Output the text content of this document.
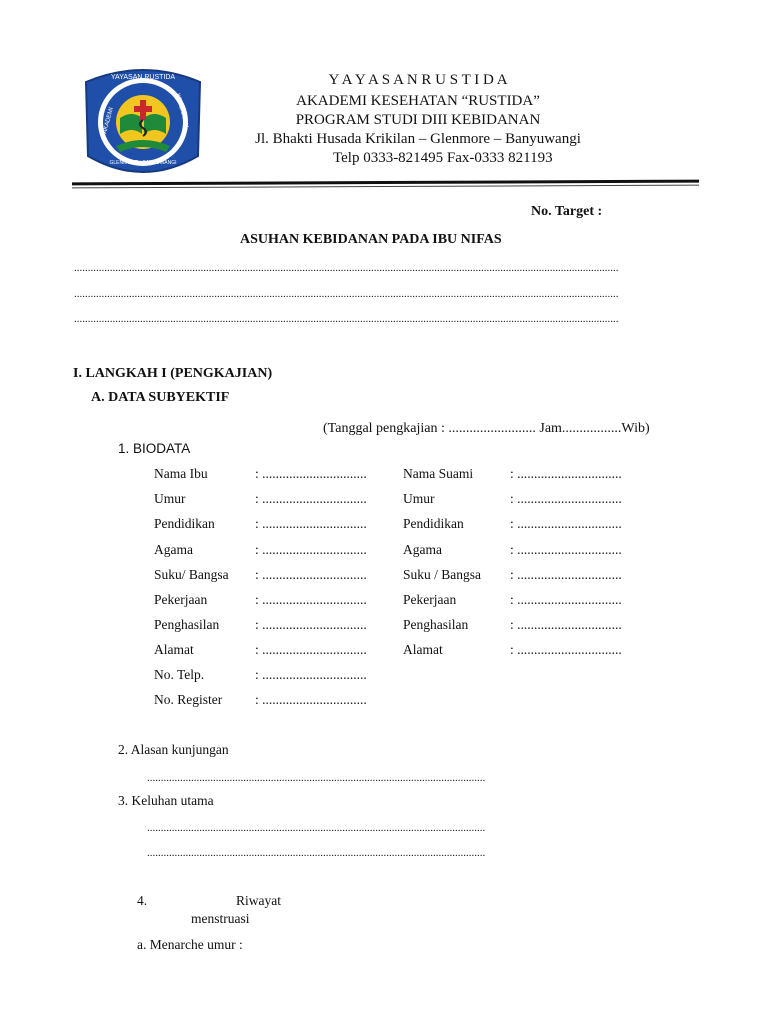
YAYASAN RUSTIDA
AKADEMI	KESEHATAN
GLENMORE - BANYUWANGI
Y A Y A S A N R U S T I D A
AKADEMI KESEHATAN “RUSTIDA”
PROGRAM STUDI DIII KEBIDANAN
Jl. Bhakti Husada Krikilan – Glenmore – Banyuwangi
Telp 0333-821495 Fax-0333 821193
No. Target :
ASUHAN KEBIDANAN PADA IBU NIFAS
......................................................................................................................................................................................................
......................................................................................................................................................................................................
......................................................................................................................................................................................................
I. LANGKAH I (PENGKAJIAN)
A. DATA SUBYEKTIF
(Tanggal pengkajian : ......................... Jam.................Wib)
1. BIODATA
Nama Ibu
Umur
Pendidikan
Agama
Suku/ Bangsa
Pekerjaan
Penghasilan
Alamat
No. Telp.
No. Register
: ...............................
: ...............................
: ...............................
: ...............................
: ...............................
: ...............................
: ...............................
: ...............................
: ...............................
: ...............................
Nama Suami
Umur
Pendidikan
Agama
Suku / Bangsa
Pekerjaan
Penghasilan
Alamat
: ...............................
: ...............................
: ...............................
: ...............................
: ...............................
: ...............................
: ...............................
: ...............................
2. Alasan kunjungan
...........................................................................................................................
3. Keluhan utama
...........................................................................................................................
...........................................................................................................................
4.	Riwayat
menstruasi
a. Menarche umur :
